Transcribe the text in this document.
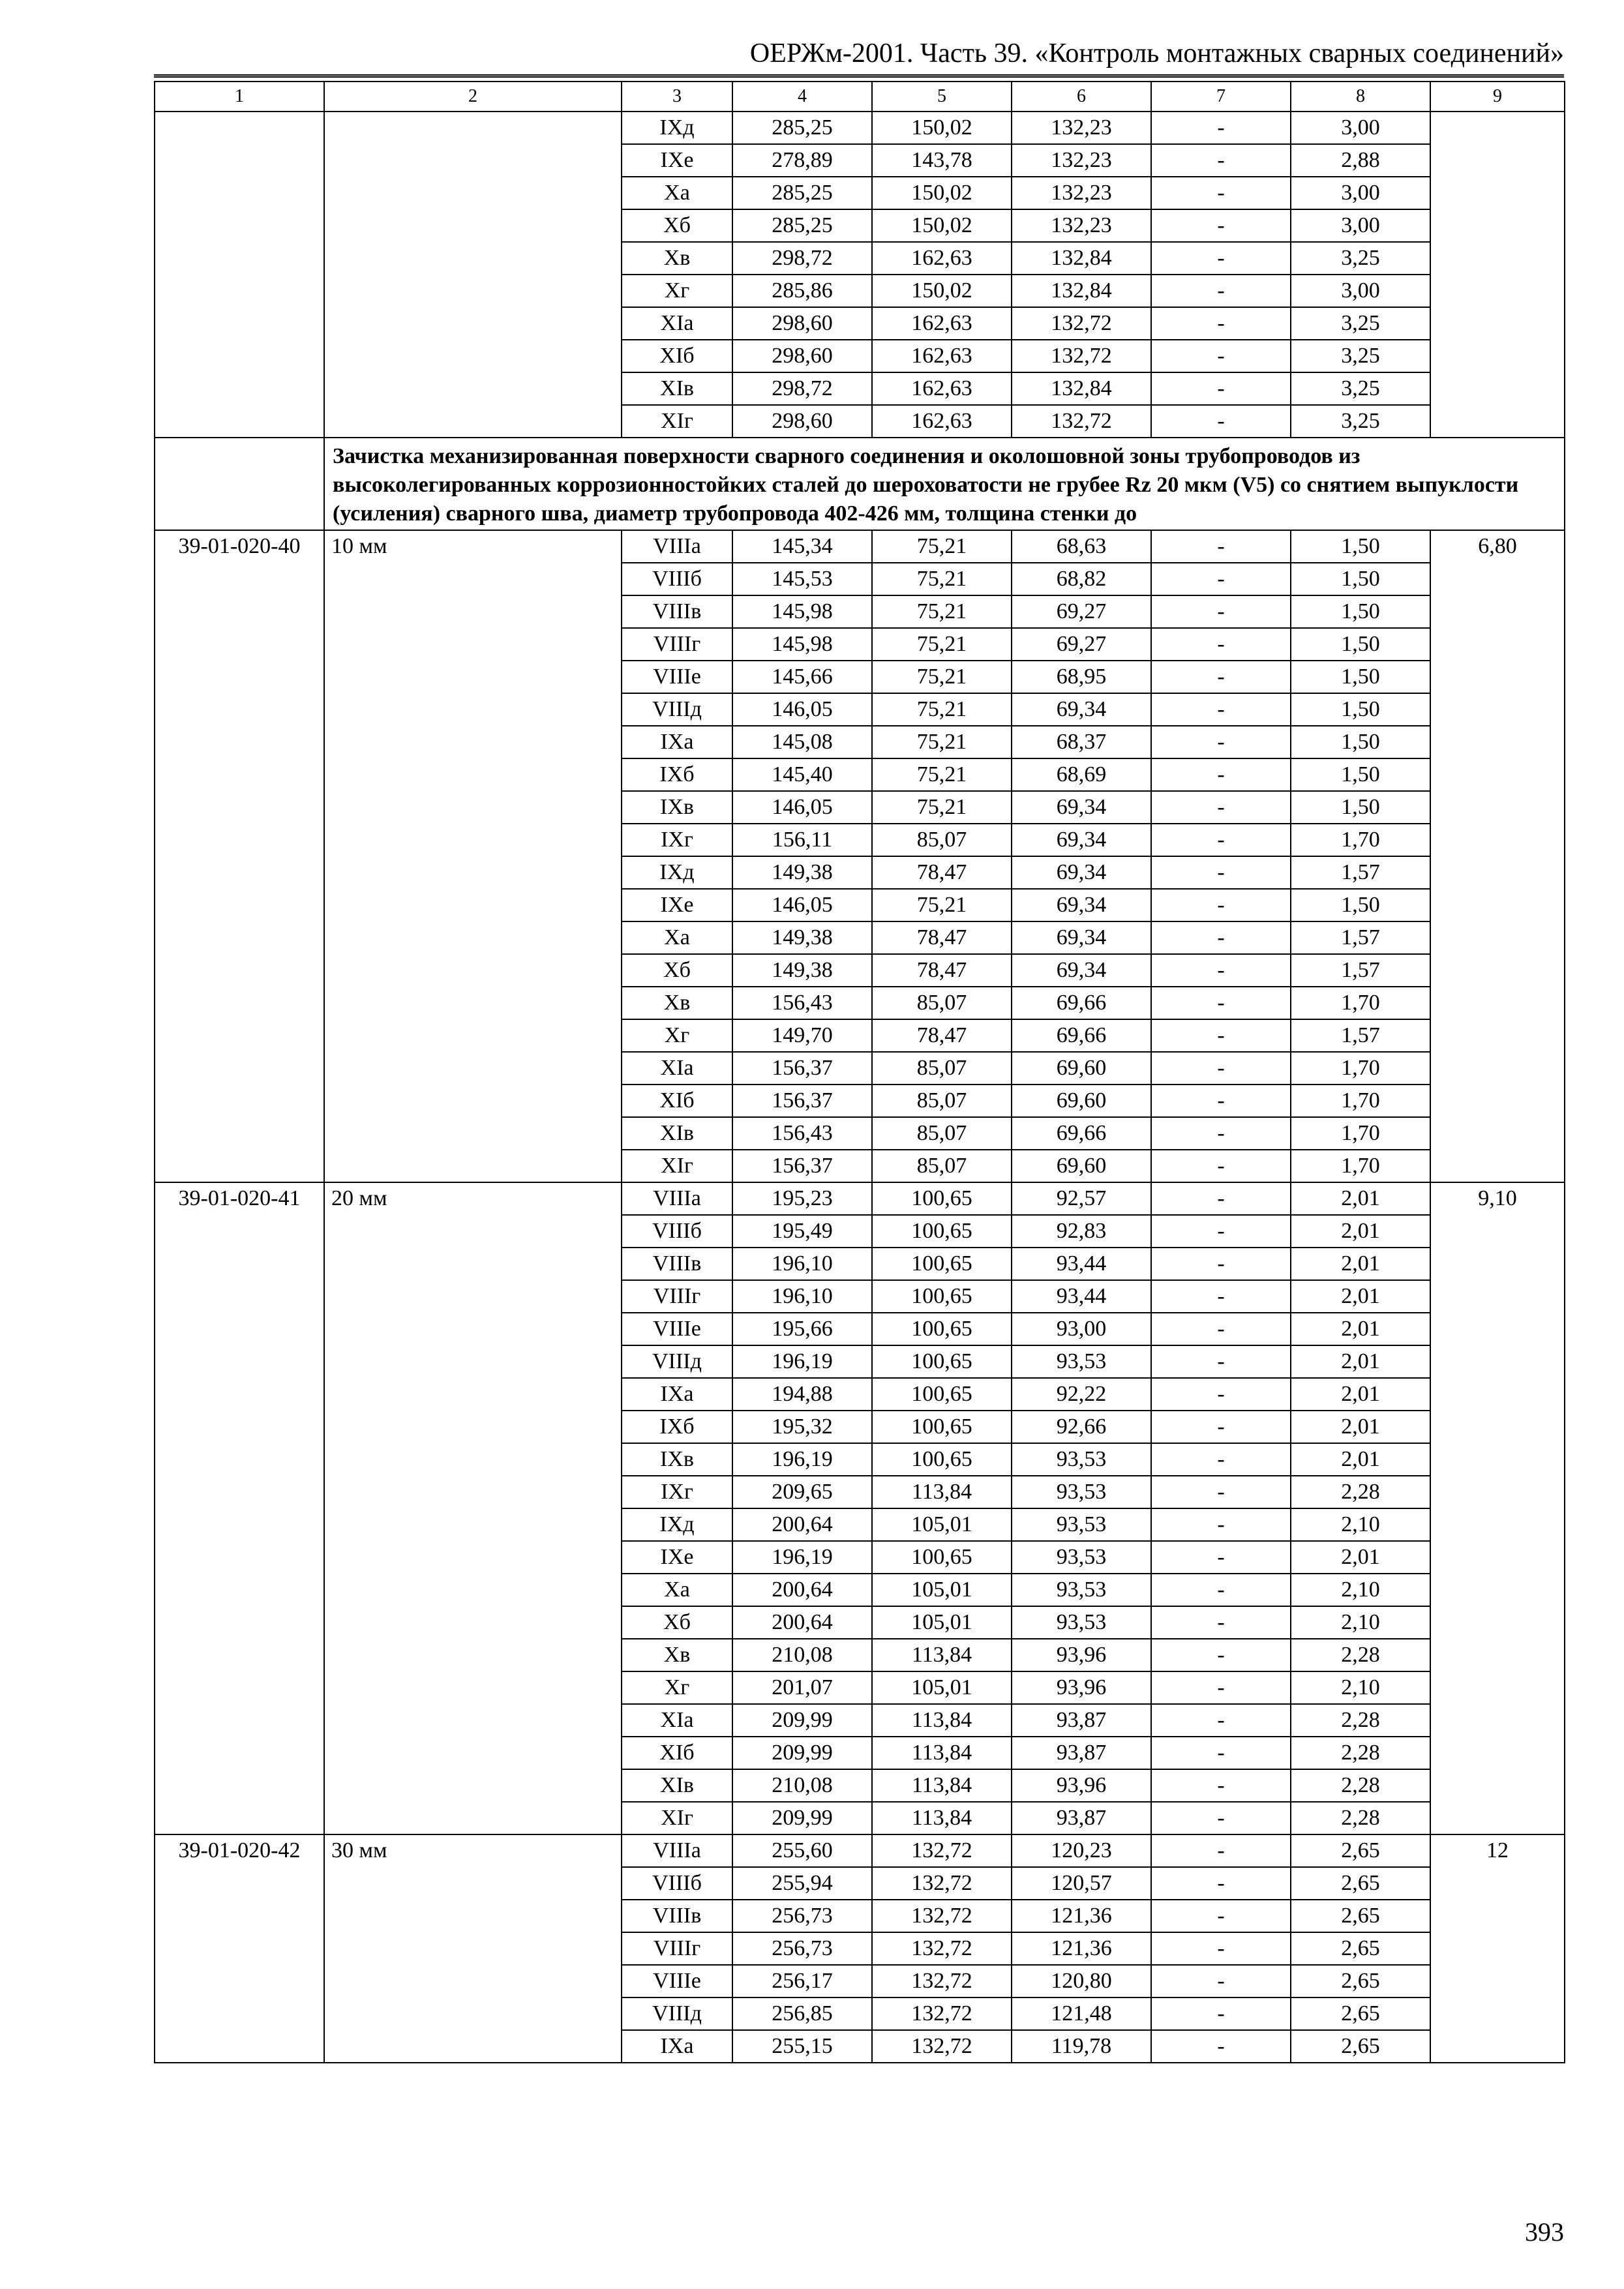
ОЕРЖм-2001. Часть 39. «Контроль монтажных сварных соединений»
1	2	3	4	5	6	7	8	9
		IXд	285,25	150,02	132,23	-	3,00	
		IXе	278,89	143,78	132,23	-	2,88	
		Xа	285,25	150,02	132,23	-	3,00	
		Xб	285,25	150,02	132,23	-	3,00	
		Xв	298,72	162,63	132,84	-	3,25	
		Xг	285,86	150,02	132,84	-	3,00	
		XIа	298,60	162,63	132,72	-	3,25	
		XIб	298,60	162,63	132,72	-	3,25	
		XIв	298,72	162,63	132,84	-	3,25	
		XIг	298,60	162,63	132,72	-	3,25	
	Зачистка механизированная поверхности сварного соединения и околошовной зоны трубопроводов из высоколегированных коррозионностойких сталей до шероховатости не грубее Rz 20 мкм (V5) со снятием выпуклости (усиления) сварного шва, диаметр трубопровода 402-426 мм, толщина стенки до							
39-01-020-40	10 мм	VIIIа	145,34	75,21	68,63	-	1,50	6,80
		VIIIб	145,53	75,21	68,82	-	1,50	
		VIIIв	145,98	75,21	69,27	-	1,50	
		VIIIг	145,98	75,21	69,27	-	1,50	
		VIIIе	145,66	75,21	68,95	-	1,50	
		VIIIд	146,05	75,21	69,34	-	1,50	
		IXа	145,08	75,21	68,37	-	1,50	
		IXб	145,40	75,21	68,69	-	1,50	
		IXв	146,05	75,21	69,34	-	1,50	
		IXг	156,11	85,07	69,34	-	1,70	
		IXд	149,38	78,47	69,34	-	1,57	
		IXе	146,05	75,21	69,34	-	1,50	
		Xа	149,38	78,47	69,34	-	1,57	
		Xб	149,38	78,47	69,34	-	1,57	
		Xв	156,43	85,07	69,66	-	1,70	
		Xг	149,70	78,47	69,66	-	1,57	
		XIа	156,37	85,07	69,60	-	1,70	
		XIб	156,37	85,07	69,60	-	1,70	
		XIв	156,43	85,07	69,66	-	1,70	
		XIг	156,37	85,07	69,60	-	1,70	
39-01-020-41	20 мм	VIIIа	195,23	100,65	92,57	-	2,01	9,10
		VIIIб	195,49	100,65	92,83	-	2,01	
		VIIIв	196,10	100,65	93,44	-	2,01	
		VIIIг	196,10	100,65	93,44	-	2,01	
		VIIIе	195,66	100,65	93,00	-	2,01	
		VIIIд	196,19	100,65	93,53	-	2,01	
		IXа	194,88	100,65	92,22	-	2,01	
		IXб	195,32	100,65	92,66	-	2,01	
		IXв	196,19	100,65	93,53	-	2,01	
		IXг	209,65	113,84	93,53	-	2,28	
		IXд	200,64	105,01	93,53	-	2,10	
		IXе	196,19	100,65	93,53	-	2,01	
		Xа	200,64	105,01	93,53	-	2,10	
		Xб	200,64	105,01	93,53	-	2,10	
		Xв	210,08	113,84	93,96	-	2,28	
		Xг	201,07	105,01	93,96	-	2,10	
		XIа	209,99	113,84	93,87	-	2,28	
		XIб	209,99	113,84	93,87	-	2,28	
		XIв	210,08	113,84	93,96	-	2,28	
		XIг	209,99	113,84	93,87	-	2,28	
39-01-020-42	30 мм	VIIIа	255,60	132,72	120,23	-	2,65	12
		VIIIб	255,94	132,72	120,57	-	2,65	
		VIIIв	256,73	132,72	121,36	-	2,65	
		VIIIг	256,73	132,72	121,36	-	2,65	
		VIIIе	256,17	132,72	120,80	-	2,65	
		VIIIд	256,85	132,72	121,48	-	2,65	
		IXа	255,15	132,72	119,78	-	2,65	
393
